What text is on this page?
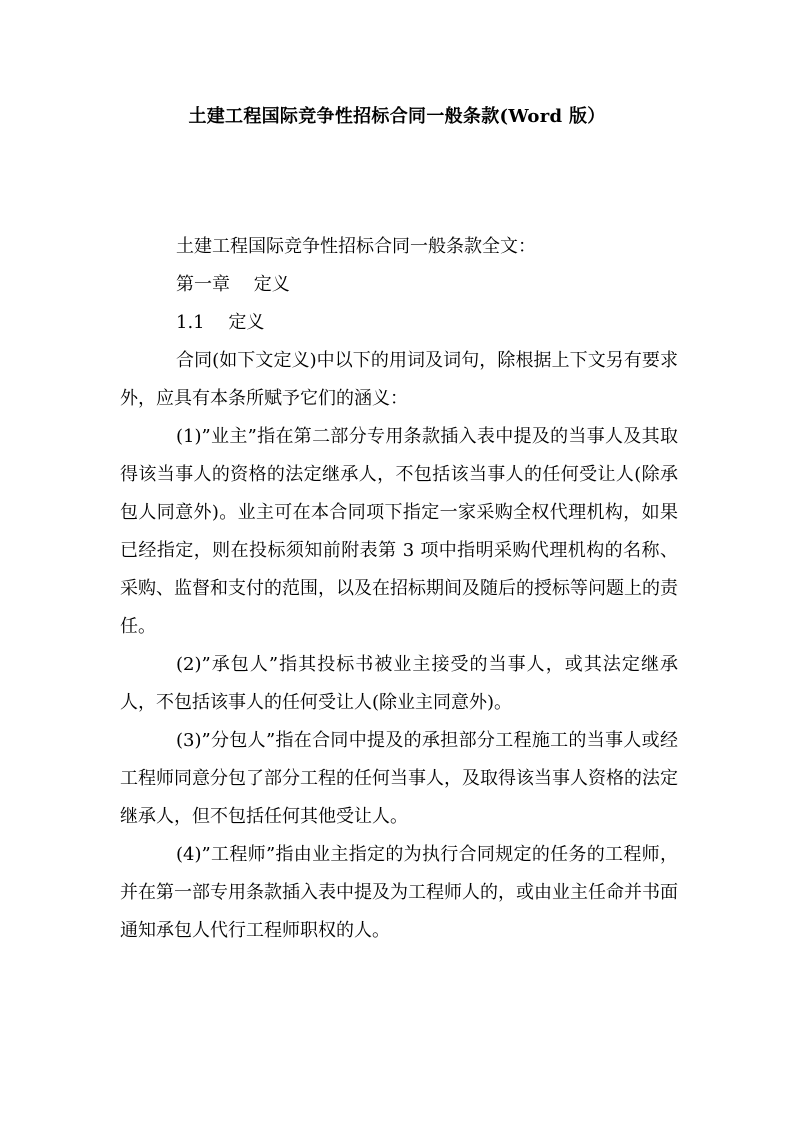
土建工程国际竞争性招标合同一般条款(Word 版）

土建工程国际竞争性招标合同一般条款全文：

第一章　 定义

1.1　 定义

合同(如下文定义)中以下的用词及词句，除根据上下文另有要求外，应具有本条所赋予它们的涵义：

(1)”业主”指在第二部分专用条款插入表中提及的当事人及其取得该当事人的资格的法定继承人，不包括该当事人的任何受让人(除承包人同意外)。业主可在本合同项下指定一家采购全权代理机构，如果已经指定，则在投标须知前附表第 3 项中指明采购代理机构的名称、采购、监督和支付的范围，以及在招标期间及随后的授标等问题上的责任。

(2)”承包人”指其投标书被业主接受的当事人，或其法定继承人，不包括该事人的任何受让人(除业主同意外)。

(3)”分包人”指在合同中提及的承担部分工程施工的当事人或经工程师同意分包了部分工程的任何当事人，及取得该当事人资格的法定继承人，但不包括任何其他受让人。

(4)”工程师”指由业主指定的为执行合同规定的任务的工程师，并在第一部专用条款插入表中提及为工程师人的，或由业主任命并书面通知承包人代行工程师职权的人。
